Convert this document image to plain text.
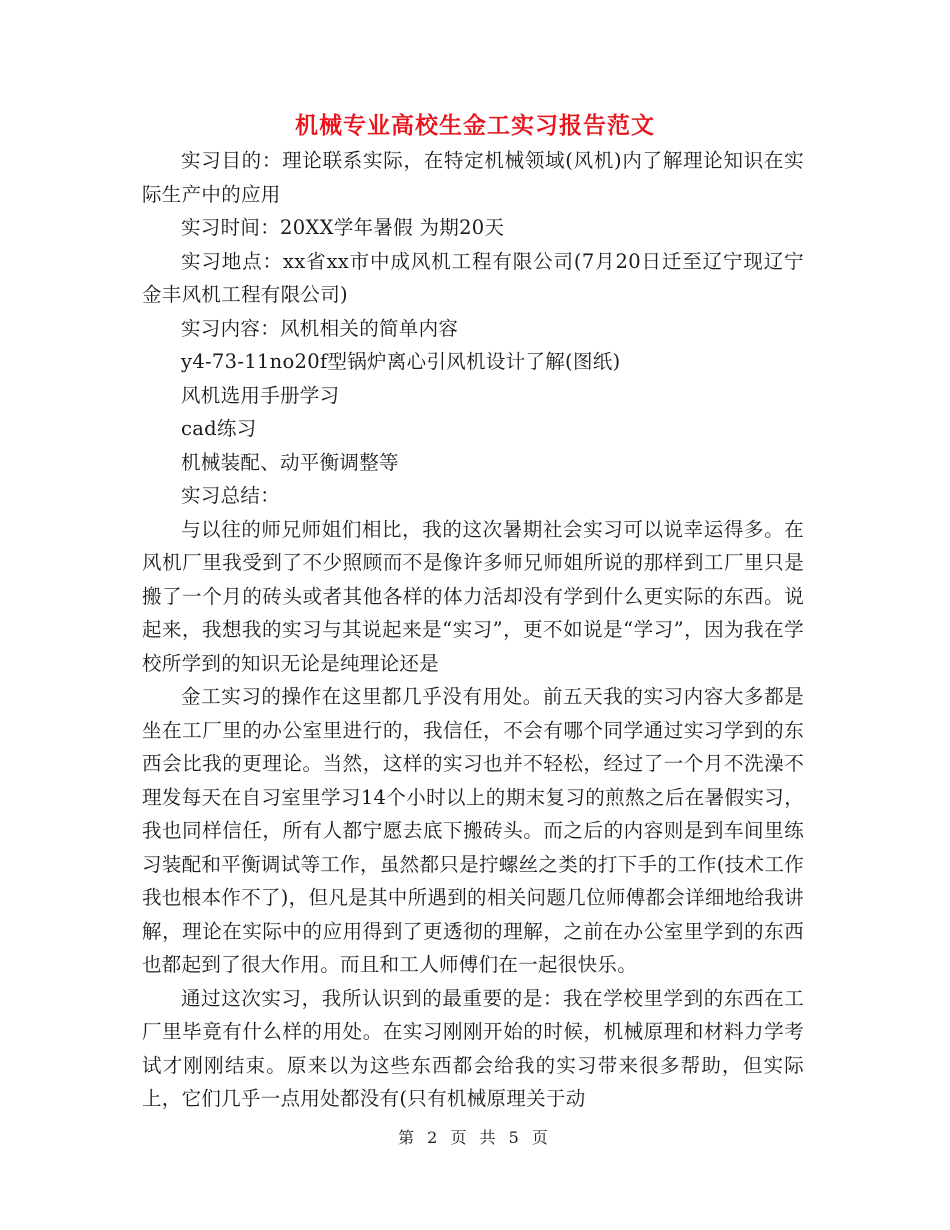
机械专业高校生金工实习报告范文

实习目的：理论联系实际，在特定机械领域(风机)内了解理论知识在实际生产中的应用

实习时间：20XX学年暑假 为期20天

实习地点：xx省xx市中成风机工程有限公司(7月20日迁至辽宁现辽宁金丰风机工程有限公司)

实习内容：风机相关的简单内容

y4-73-11no20f型锅炉离心引风机设计了解(图纸)

风机选用手册学习

cad练习

机械装配、动平衡调整等

实习总结：

与以往的师兄师姐们相比，我的这次暑期社会实习可以说幸运得多。在风机厂里我受到了不少照顾而不是像许多师兄师姐所说的那样到工厂里只是搬了一个月的砖头或者其他各样的体力活却没有学到什么更实际的东西。说起来，我想我的实习与其说起来是“实习”，更不如说是“学习”，因为我在学校所学到的知识无论是纯理论还是

金工实习的操作在这里都几乎没有用处。前五天我的实习内容大多都是坐在工厂里的办公室里进行的，我信任，不会有哪个同学通过实习学到的东西会比我的更理论。当然，这样的实习也并不轻松，经过了一个月不洗澡不理发每天在自习室里学习14个小时以上的期末复习的煎熬之后在暑假实习，我也同样信任，所有人都宁愿去底下搬砖头。而之后的内容则是到车间里练习装配和平衡调试等工作，虽然都只是拧螺丝之类的打下手的工作(技术工作我也根本作不了)，但凡是其中所遇到的相关问题几位师傅都会详细地给我讲解，理论在实际中的应用得到了更透彻的理解，之前在办公室里学到的东西也都起到了很大作用。而且和工人师傅们在一起很快乐。

通过这次实习，我所认识到的最重要的是：我在学校里学到的东西在工厂里毕竟有什么样的用处。在实习刚刚开始的时候，机械原理和材料力学考试才刚刚结束。原来以为这些东西都会给我的实习带来很多帮助，但实际上，它们几乎一点用处都没有(只有机械原理关于动

第 2 页 共 5 页
